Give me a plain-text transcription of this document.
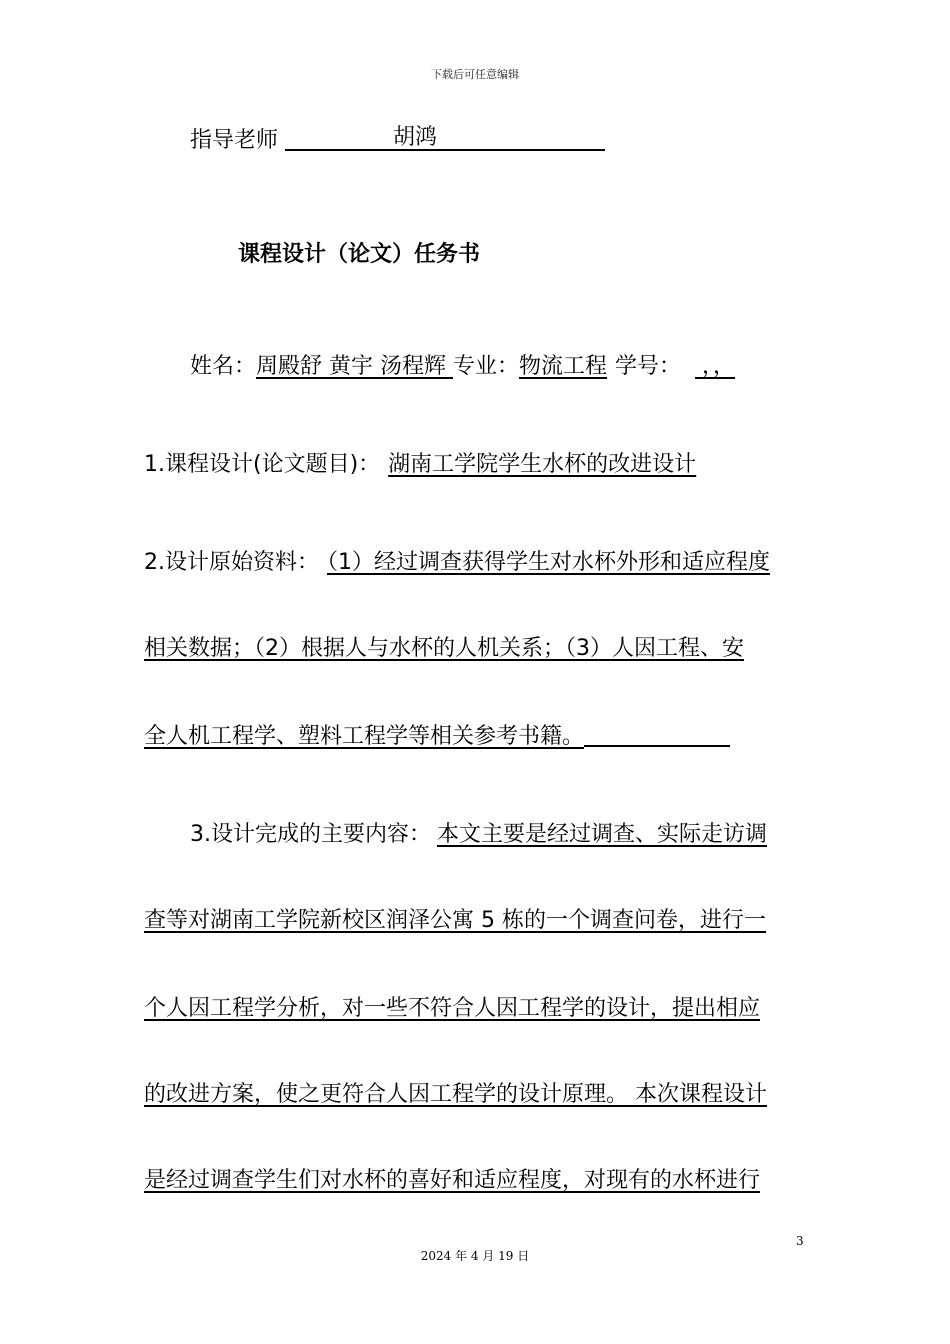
下载后可任意编辑
指导老师	胡鸿
课程设计（论文）任务书
姓名：周殿舒 黄宇 汤程辉 专业：物流工程 学号： ，，
1.课程设计(论文题目)： 湖南工学院学生水杯的改进设计
2.设计原始资料： （1）经过调查获得学生对水杯外形和适应程度
相关数据；（2）根据人与水杯的人机关系；（3）人因工程、安
全人机工程学、塑料工程学等相关参考书籍。
3.设计完成的主要内容： 本文主要是经过调查、实际走访调
查等对湖南工学院新校区润泽公寓 5 栋的一个调查问卷，进行一
个人因工程学分析，对一些不符合人因工程学的设计，提出相应
的改进方案，使之更符合人因工程学的设计原理。 本次课程设计
是经过调查学生们对水杯的喜好和适应程度，对现有的水杯进行
3
2024 年 4 月 19 日
